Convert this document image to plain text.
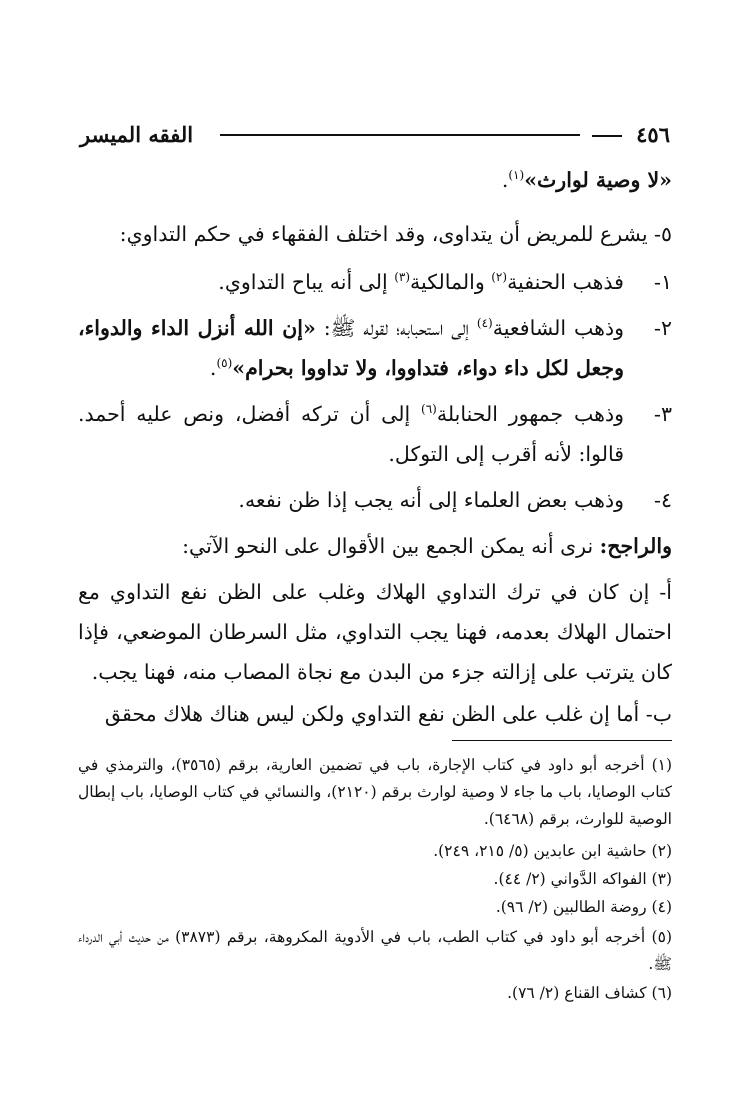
٤٥٦
الفقه الميسر
«لا وصية لوارث»$^{(١)}$.
٥- يشرع للمريض أن يتداوى، وقد اختلف الفقهاء في حكم التداوي:
١-
فذهب الحنفية$^{(٢)}$ والمالكية$^{(٣)}$ إلى أنه يباح التداوي.
٢-
وذهب الشافعية$^{(٤)}$ إلى استحبابه؛ لقوله ﷺ: «إن الله أنزل الداء والدواء، وجعل لكل داء دواء، فتداووا، ولا تداووا بحرام»$^{(٥)}$.
٣-
وذهب جمهور الحنابلة$^{(٦)}$ إلى أن تركه أفضل، ونص عليه أحمد. قالوا: لأنه أقرب إلى التوكل.
٤-
وذهب بعض العلماء إلى أنه يجب إذا ظن نفعه.
والراجح: نرى أنه يمكن الجمع بين الأقوال على النحو الآتي:
أ- إن كان في ترك التداوي الهلاك وغلب على الظن نفع التداوي مع احتمال الهلاك بعدمه، فهنا يجب التداوي، مثل السرطان الموضعي، فإذا كان يترتب على إزالته جزء من البدن مع نجاة المصاب منه، فهنا يجب.
ب- أما إن غلب على الظن نفع التداوي ولكن ليس هناك هلاك محقق
(١) أخرجه أبو داود في كتاب الإجارة، باب في تضمين العارية، برقم (٣٥٦٥)، والترمذي في كتاب الوصايا، باب ما جاء لا وصية لوارث برقم (٢١٢٠)، والنسائي في كتاب الوصايا، باب إبطال الوصية للوارث، برقم (٦٤٦٨).
(٢) حاشية ابن عابدين (٥/ ٢١٥، ٢٤٩).
(٣) الفواكه الدَّواني (٢/ ٤٤).
(٤) روضة الطالبين (٢/ ٩٦).
(٥) أخرجه أبو داود في كتاب الطب، باب في الأدوية المكروهة، برقم (٣٨٧٣) من حديث أبي الدرداء ﷺ.
(٦) كشاف القناع (٢/ ٧٦).
